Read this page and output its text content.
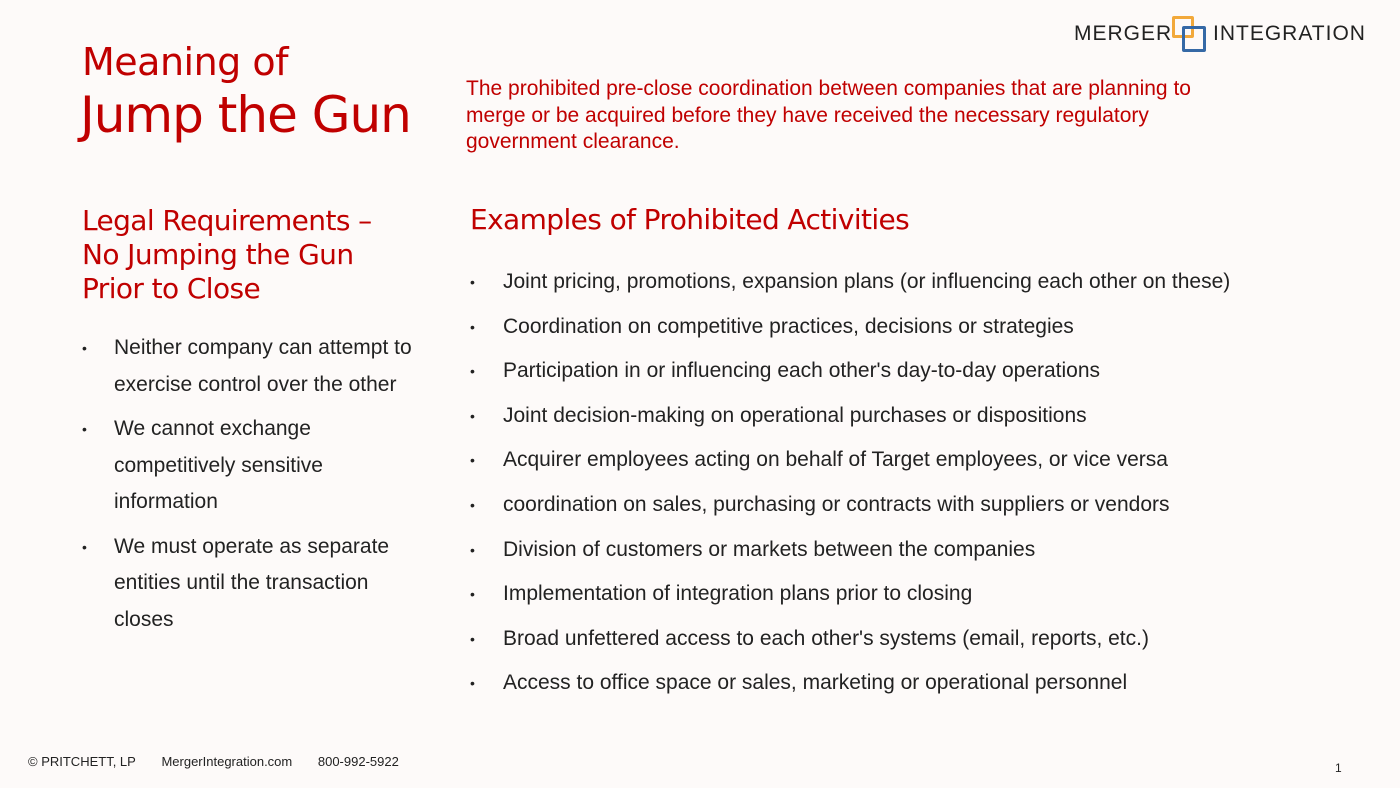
Meaning of
Jump the Gun	The prohibited pre-close coordination between companies that are planning to merge or be acquired before they have received the necessary regulatory government clearance.
MERGER INTEGRATION
Legal Requirements – No Jumping the Gun Prior to Close
• Neither company can attempt to exercise control over the other
• We cannot exchange competitively sensitive information
• We must operate as separate entities until the transaction closes
Examples of Prohibited Activities
• Joint pricing, promotions, expansion plans (or influencing each other on these)
• Coordination on competitive practices, decisions or strategies
• Participation in or influencing each other's day-to-day operations
• Joint decision-making on operational purchases or dispositions
• Acquirer employees acting on behalf of Target employees, or vice versa
• coordination on sales, purchasing or contracts with suppliers or vendors
• Division of customers or markets between the companies
• Implementation of integration plans prior to closing
• Broad unfettered access to each other's systems (email, reports, etc.)
• Access to office space or sales, marketing or operational personnel
© PRITCHETT, LP MergerIntegration.com 800-992-5922	1
